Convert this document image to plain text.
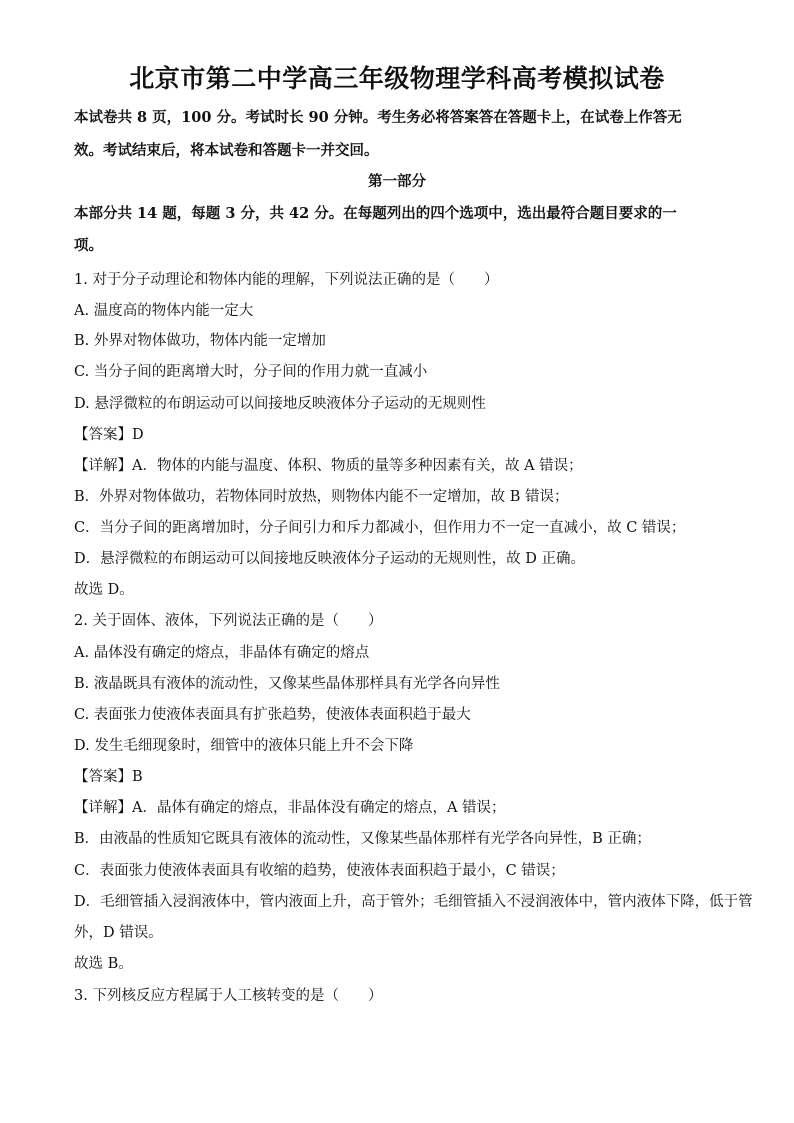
北京市第二中学高三年级物理学科高考模拟试卷
本试卷共 8 页，100 分。考试时长 90 分钟。考生务必将答案答在答题卡上，在试卷上作答无
效。考试结束后，将本试卷和答题卡一并交回。
第一部分
本部分共 14 题，每题 3 分，共 42 分。在每题列出的四个选项中，选出最符合题目要求的一
项。
1. 对于分子动理论和物体内能的理解，下列说法正确的是（　　）
A. 温度高的物体内能一定大
B. 外界对物体做功，物体内能一定增加
C. 当分子间的距离增大时，分子间的作用力就一直减小
D. 悬浮微粒的布朗运动可以间接地反映液体分子运动的无规则性
【答案】D
【详解】A．物体的内能与温度、体积、物质的量等多种因素有关，故 A 错误；
B．外界对物体做功，若物体同时放热，则物体内能不一定增加，故 B 错误；
C．当分子间的距离增加时，分子间引力和斥力都减小，但作用力不一定一直减小，故 C 错误；
D．悬浮微粒的布朗运动可以间接地反映液体分子运动的无规则性，故 D 正确。
故选 D。
2. 关于固体、液体，下列说法正确的是（　　）
A. 晶体没有确定的熔点，非晶体有确定的熔点
B. 液晶既具有液体的流动性，又像某些晶体那样具有光学各向异性
C. 表面张力使液体表面具有扩张趋势，使液体表面积趋于最大
D. 发生毛细现象时，细管中的液体只能上升不会下降
【答案】B
【详解】A．晶体有确定的熔点，非晶体没有确定的熔点，A 错误；
B．由液晶的性质知它既具有液体的流动性，又像某些晶体那样有光学各向异性，B 正确；
C．表面张力使液体表面具有收缩的趋势，使液体表面积趋于最小，C 错误；
D．毛细管插入浸润液体中，管内液面上升，高于管外；毛细管插入不浸润液体中，管内液体下降，低于管
外，D 错误。
故选 B。
3. 下列核反应方程属于人工核转变的是（　　）
